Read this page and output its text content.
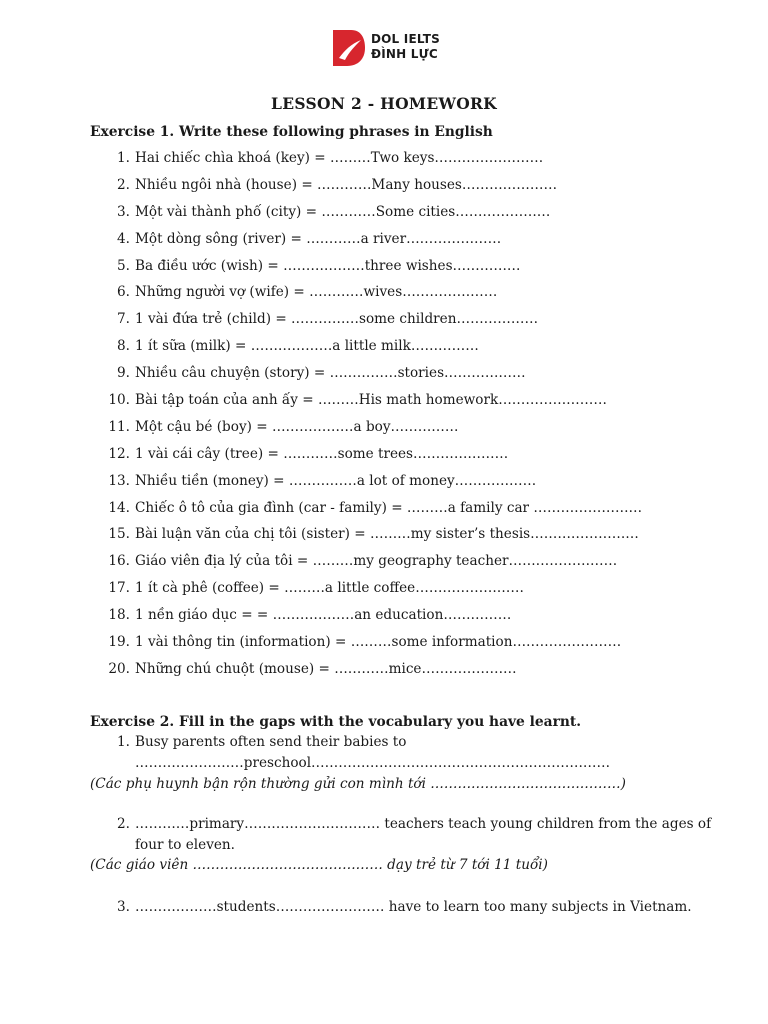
DOL IELTS
ĐÌNH LỰC
LESSON 2 - HOMEWORK
Exercise 1. Write these following phrases in English
1. Hai chiếc chìa khoá (key) = ………Two keys……………………
2. Nhiều ngôi nhà (house) = …………Many houses…………………
3. Một vài thành phố (city) = …………Some cities…………………
4. Một dòng sông (river) = …………a river…………………
5. Ba điều ước (wish) = ………………three wishes……………
6. Những người vợ (wife) = …………wives…………………
7. 1 vài đứa trẻ (child) = ……………some children………………
8. 1 ít sữa (milk) = ………………a little milk……………
9. Nhiều câu chuyện (story) = ……………stories………………
10. Bài tập toán của anh ấy = ………His math homework……………………
11. Một cậu bé (boy) = ………………a boy……………
12. 1 vài cái cây (tree) = …………some trees…………………
13. Nhiều tiền (money) = ……………a lot of money………………
14. Chiếc ô tô của gia đình (car - family) = ………a family car ……………………
15. Bài luận văn của chị tôi (sister) = ………my sister’s thesis……………………
16. Giáo viên địa lý của tôi = ………my geography teacher……………………
17. 1 ít cà phê (coffee) = ………a little coffee……………………
18. 1 nền giáo dục = = ………………an education……………
19. 1 vài thông tin (information) = ………some information……………………
20. Những chú chuột (mouse) = …………mice…………………
Exercise 2. Fill in the gaps with the vocabulary you have learnt.
1. Busy parents often send their babies to
……………………preschool…………………………………………………………
(Các phụ huynh bận rộn thường gửi con mình tới ……………………………………)
2. …………primary………………………… teachers teach young children from the ages of
four to eleven.
(Các giáo viên …………………………………… dạy trẻ từ 7 tới 11 tuổi)
3. ………………students…………………… have to learn too many subjects in Vietnam.
